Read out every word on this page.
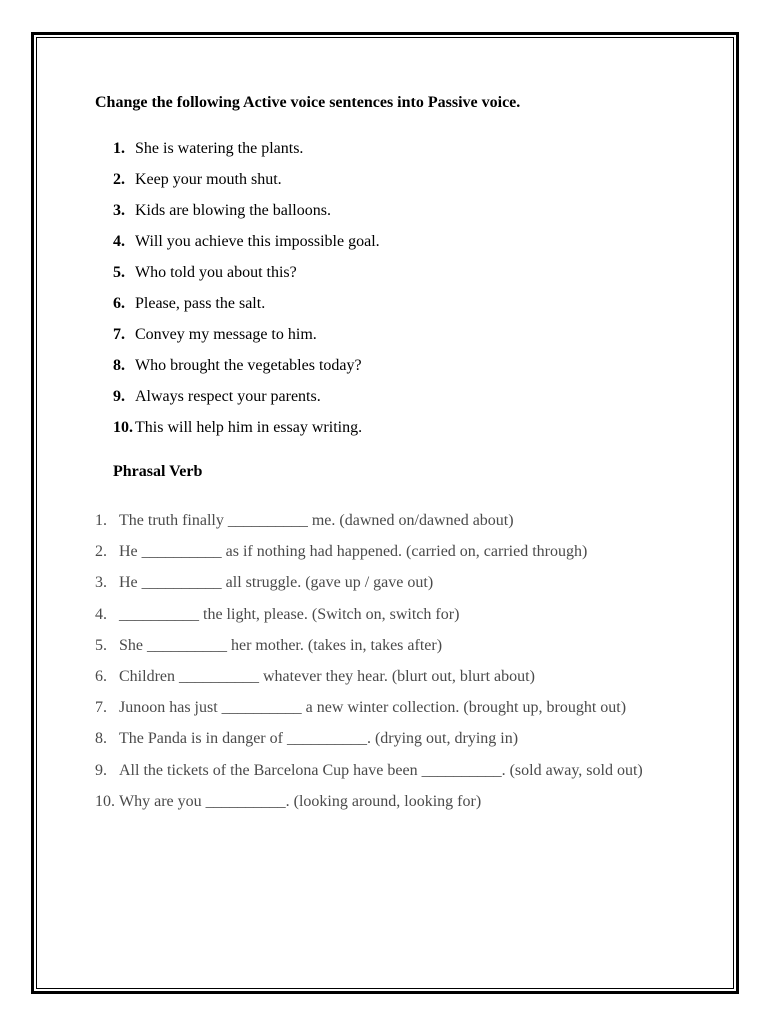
Change the following Active voice sentences into Passive voice.
1. She is watering the plants.
2. Keep your mouth shut.
3. Kids are blowing the balloons.
4. Will you achieve this impossible goal.
5. Who told you about this?
6. Please, pass the salt.
7. Convey my message to him.
8. Who brought the vegetables today?
9. Always respect your parents.
10. This will help him in essay writing.
Phrasal Verb
1. The truth finally __________ me. (dawned on/dawned about)
2. He __________ as if nothing had happened. (carried on, carried through)
3. He __________ all struggle. (gave up / gave out)
4. __________ the light, please. (Switch on, switch for)
5. She __________ her mother. (takes in, takes after)
6. Children __________ whatever they hear. (blurt out, blurt about)
7. Junoon has just __________ a new winter collection. (brought up, brought out)
8. The Panda is in danger of __________. (drying out, drying in)
9. All the tickets of the Barcelona Cup have been __________. (sold away, sold out)
10. Why are you __________. (looking around, looking for)
